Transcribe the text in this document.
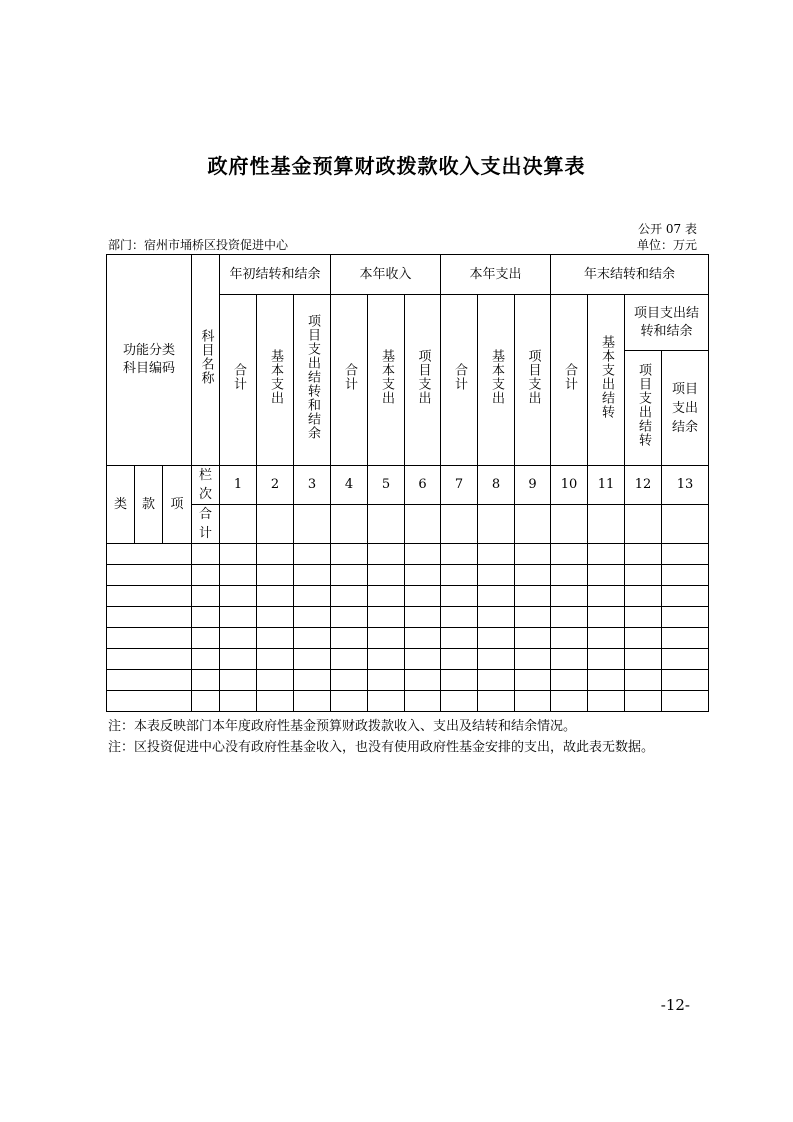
政府性基金预算财政拨款收入支出决算表
公开 07 表
部门：宿州市埇桥区投资促进中心	单位：万元
功能分类科目编码			科目名称	年初结转和结余			本年收入			本年支出			年末结转和结余			
				合计	基本支出	项目支出结转和结余	合计	基本支出	项目支出	合计	基本支出	项目支出	合计	基本支出结转	项目支出结转和结余	
															项目支出结转	项目支出结余
类	款	项	栏次	1	2	3	4	5	6	7	8	9	10	11	12	13
			合计													

注：本表反映部门本年度政府性基金预算财政拨款收入、支出及结转和结余情况。
注：区投资促进中心没有政府性基金收入，也没有使用政府性基金安排的支出，故此表无数据。
-12-
